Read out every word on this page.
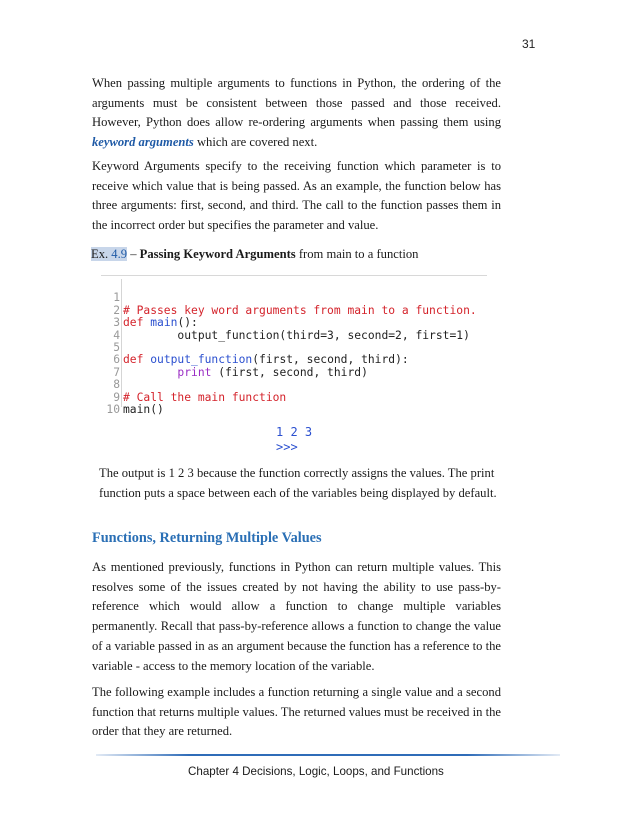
31

When passing multiple arguments to functions in Python, the ordering of the arguments must be consistent between those passed and those received. However, Python does allow re-ordering arguments when passing them using keyword arguments which are covered next.

Keyword Arguments specify to the receiving function which parameter is to receive which value that is being passed. As an example, the function below has three arguments: first, second, and third. The call to the function passes them in the incorrect order but specifies the parameter and value.

Ex. 4.9 – Passing Keyword Arguments from main to a function

1

# Passes key word arguments from main to a function.

2

def main():

3

output_function(third=3, second=2, first=1)

4

5

def output_function(first, second, third):

6

print (first, second, third)

7

8

# Call the main function

9

main()

10

1 2 3
>>>

The output is 1 2 3 because the function correctly assigns the values. The print function puts a space between each of the variables being displayed by default.

Functions, Returning Multiple Values

As mentioned previously, functions in Python can return multiple values. This resolves some of the issues created by not having the ability to use pass-by-reference which would allow a function to change multiple variables permanently. Recall that pass-by-reference allows a function to change the value of a variable passed in as an argument because the function has a reference to the variable - access to the memory location of the variable.

The following example includes a function returning a single value and a second function that returns multiple values. The returned values must be received in the order that they are returned.

Chapter 4 Decisions, Logic, Loops, and Functions
